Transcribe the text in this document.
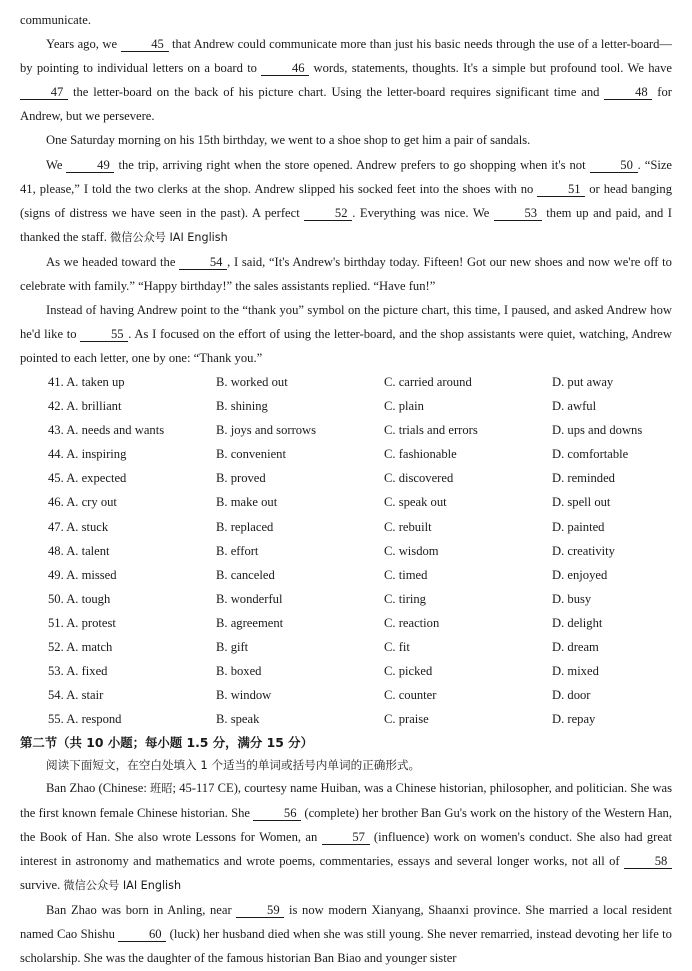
communicate.

Years ago, we 45 that Andrew could communicate more than just his basic needs through the use of a letter-board—by pointing to individual letters on a board to 46 words, statements, thoughts. It's a simple but profound tool. We have 47 the letter-board on the back of his picture chart. Using the letter-board requires significant time and 48 for Andrew, but we persevere.

One Saturday morning on his 15th birthday, we went to a shoe shop to get him a pair of sandals.

We 49 the trip, arriving right when the store opened. Andrew prefers to go shopping when it's not 50 . “Size 41, please,” I told the two clerks at the shop. Andrew slipped his socked feet into the shoes with no 51 or head banging (signs of distress we have seen in the past). A perfect 52 . Everything was nice. We 53 them up and paid, and I thanked the staff. 微信公众号 IAI English

As we headed toward the 54 , I said, “It's Andrew's birthday today. Fifteen! Got our new shoes and now we're off to celebrate with family.” “Happy birthday!” the sales assistants replied. “Have fun!”

Instead of having Andrew point to the “thank you” symbol on the picture chart, this time, I paused, and asked Andrew how he'd like to 55 . As I focused on the effort of using the letter-board, and the shop assistants were quiet, watching, Andrew pointed to each letter, one by one: “Thank you.”

	41. A. taken up	B. worked out	C. carried around	D. put away
	42. A. brilliant	B. shining	C. plain	D. awful
	43. A. needs and wants	B. joys and sorrows	C. trials and errors	D. ups and downs
	44. A. inspiring	B. convenient	C. fashionable	D. comfortable
	45. A. expected	B. proved	C. discovered	D. reminded
	46. A. cry out	B. make out	C. speak out	D. spell out
	47. A. stuck	B. replaced	C. rebuilt	D. painted
	48. A. talent	B. effort	C. wisdom	D. creativity
	49. A. missed	B. canceled	C. timed	D. enjoyed
	50. A. tough	B. wonderful	C. tiring	D. busy
	51. A. protest	B. agreement	C. reaction	D. delight
	52. A. match	B. gift	C. fit	D. dream
	53. A. fixed	B. boxed	C. picked	D. mixed
	54. A. stair	B. window	C. counter	D. door
	55. A. respond	B. speak	C. praise	D. repay

第二节（共 10 小题；每小题 1.5 分，满分 15 分）

阅读下面短文，在空白处填入 1 个适当的单词或括号内单词的正确形式。

Ban Zhao (Chinese: 班昭; 45-117 CE), courtesy name Huiban, was a Chinese historian, philosopher, and politician. She was the first known female Chinese historian. She 56 (complete) her brother Ban Gu's work on the history of the Western Han, the Book of Han. She also wrote Lessons for Women, an 57 (influence) work on women's conduct. She also had great interest in astronomy and mathematics and wrote poems, commentaries, essays and several longer works, not all of 58 survive. 微信公众号 IAI English

Ban Zhao was born in Anling, near 59 is now modern Xianyang, Shaanxi province. She married a local resident named Cao Shishu 60 (luck) her husband died when she was still young. She never remarried, instead devoting her life to scholarship. She was the daughter of the famous historian Ban Biao and younger sister
